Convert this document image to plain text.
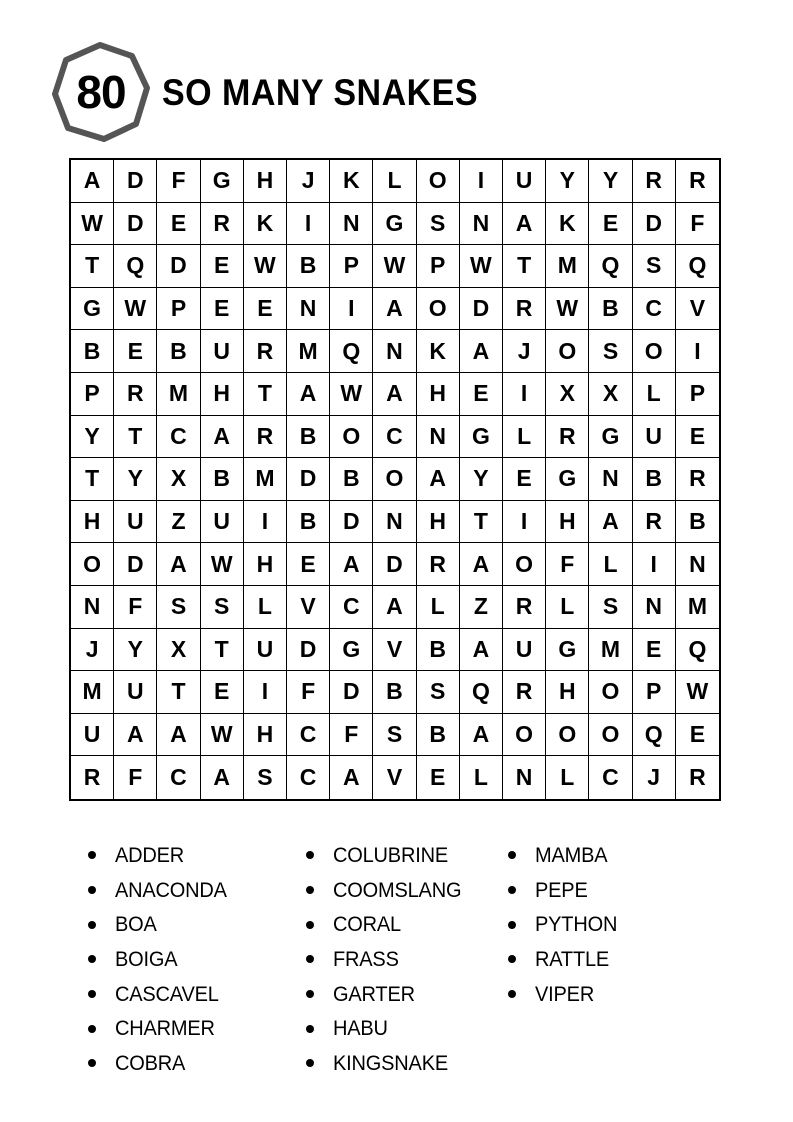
80 SO MANY SNAKES
A	D	F	G	H	J	K	L	O	I	U	Y	Y	R	R
W	D	E	R	K	I	N	G	S	N	A	K	E	D	F
T	Q	D	E	W	B	P	W	P	W	T	M	Q	S	Q
G	W	P	E	E	N	I	A	O	D	R	W	B	C	V
B	E	B	U	R	M	Q	N	K	A	J	O	S	O	I
P	R	M	H	T	A	W	A	H	E	I	X	X	L	P
Y	T	C	A	R	B	O	C	N	G	L	R	G	U	E
T	Y	X	B	M	D	B	O	A	Y	E	G	N	B	R
H	U	Z	U	I	B	D	N	H	T	I	H	A	R	B
O	D	A	W	H	E	A	D	R	A	O	F	L	I	N
N	F	S	S	L	V	C	A	L	Z	R	L	S	N	M
J	Y	X	T	U	D	G	V	B	A	U	G	M	E	Q
M	U	T	E	I	F	D	B	S	Q	R	H	O	P	W
U	A	A	W	H	C	F	S	B	A	O	O	O	Q	E
R	F	C	A	S	C	A	V	E	L	N	L	C	J	R
ADDER
ANACONDA
BOA
BOIGA
CASCAVEL
CHARMER
COBRA
COLUBRINE
COOMSLANG
CORAL
FRASS
GARTER
HABU
KINGSNAKE
MAMBA
PEPE
PYTHON
RATTLE
VIPER
